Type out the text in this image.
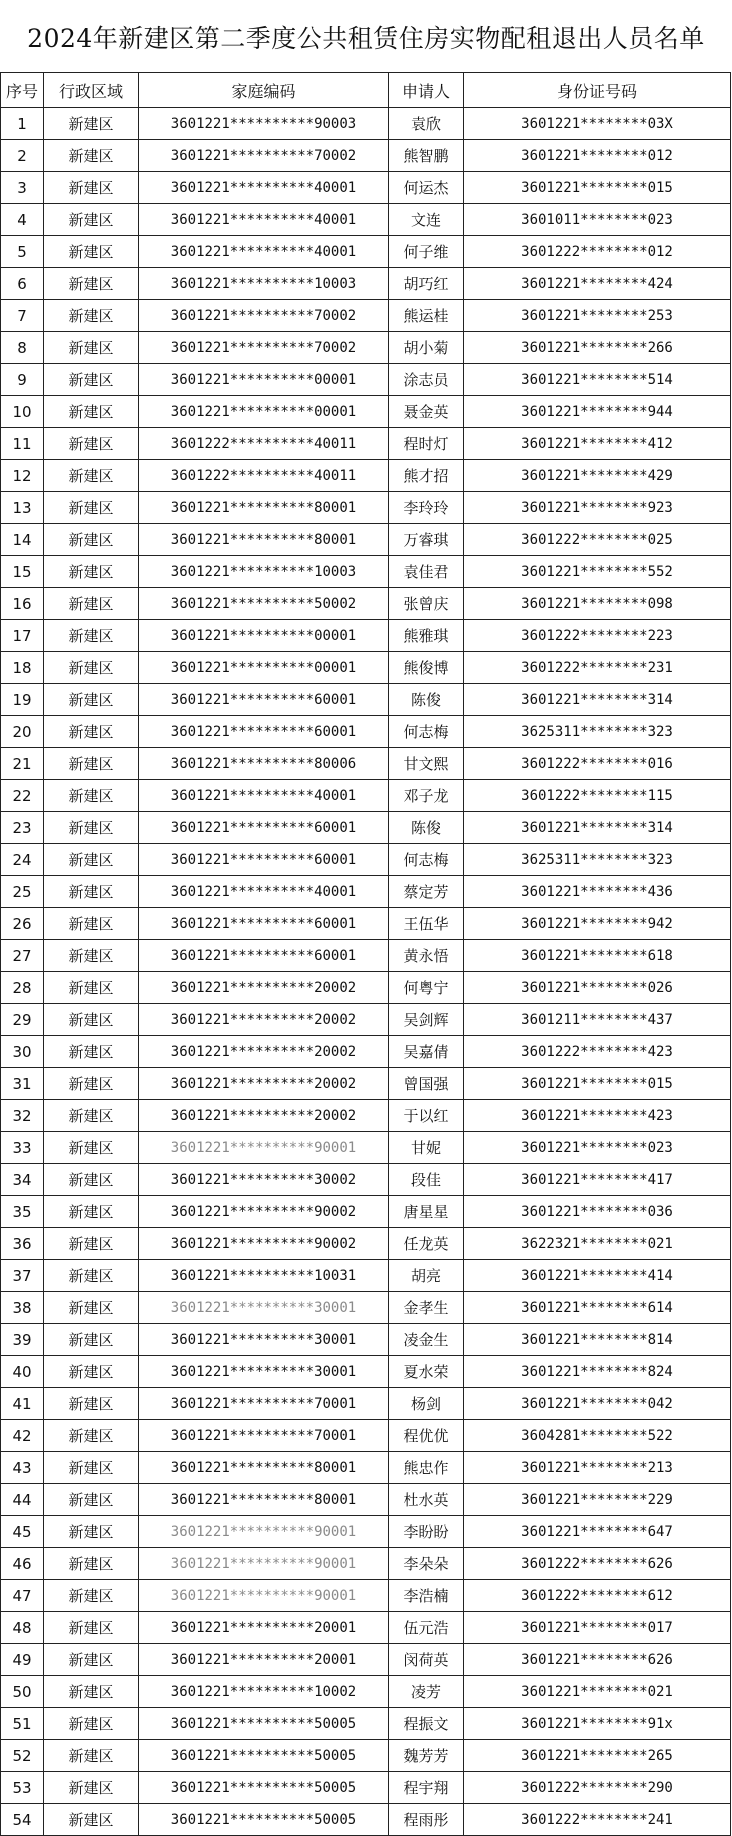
2024年新建区第二季度公共租赁住房实物配租退出人员名单
序号	行政区域	家庭编码	申请人	身份证号码
1	新建区	3601221**********90003	袁欣	3601221********03X
2	新建区	3601221**********70002	熊智鹏	3601221********012
3	新建区	3601221**********40001	何运杰	3601221********015
4	新建区	3601221**********40001	文连	3601011********023
5	新建区	3601221**********40001	何子维	3601222********012
6	新建区	3601221**********10003	胡巧红	3601221********424
7	新建区	3601221**********70002	熊运桂	3601221********253
8	新建区	3601221**********70002	胡小菊	3601221********266
9	新建区	3601221**********00001	涂志员	3601221********514
10	新建区	3601221**********00001	聂金英	3601221********944
11	新建区	3601222**********40011	程时灯	3601221********412
12	新建区	3601222**********40011	熊才招	3601221********429
13	新建区	3601221**********80001	李玲玲	3601221********923
14	新建区	3601221**********80001	万睿琪	3601222********025
15	新建区	3601221**********10003	袁佳君	3601221********552
16	新建区	3601221**********50002	张曾庆	3601221********098
17	新建区	3601221**********00001	熊雅琪	3601222********223
18	新建区	3601221**********00001	熊俊博	3601222********231
19	新建区	3601221**********60001	陈俊	3601221********314
20	新建区	3601221**********60001	何志梅	3625311********323
21	新建区	3601221**********80006	甘文熙	3601222********016
22	新建区	3601221**********40001	邓子龙	3601222********115
23	新建区	3601221**********60001	陈俊	3601221********314
24	新建区	3601221**********60001	何志梅	3625311********323
25	新建区	3601221**********40001	蔡定芳	3601221********436
26	新建区	3601221**********60001	王伍华	3601221********942
27	新建区	3601221**********60001	黄永悟	3601221********618
28	新建区	3601221**********20002	何粤宁	3601221********026
29	新建区	3601221**********20002	吴剑辉	3601211********437
30	新建区	3601221**********20002	吴嘉倩	3601222********423
31	新建区	3601221**********20002	曾国强	3601221********015
32	新建区	3601221**********20002	于以红	3601221********423
33	新建区	3601221**********90001	甘妮	3601221********023
34	新建区	3601221**********30002	段佳	3601221********417
35	新建区	3601221**********90002	唐星星	3601221********036
36	新建区	3601221**********90002	任龙英	3622321********021
37	新建区	3601221**********10031	胡亮	3601221********414
38	新建区	3601221**********30001	金孝生	3601221********614
39	新建区	3601221**********30001	凌金生	3601221********814
40	新建区	3601221**********30001	夏水荣	3601221********824
41	新建区	3601221**********70001	杨剑	3601221********042
42	新建区	3601221**********70001	程优优	3604281********522
43	新建区	3601221**********80001	熊忠作	3601221********213
44	新建区	3601221**********80001	杜水英	3601221********229
45	新建区	3601221**********90001	李盼盼	3601221********647
46	新建区	3601221**********90001	李朵朵	3601222********626
47	新建区	3601221**********90001	李浩楠	3601222********612
48	新建区	3601221**********20001	伍元浩	3601221********017
49	新建区	3601221**********20001	闵荷英	3601221********626
50	新建区	3601221**********10002	凌芳	3601221********021
51	新建区	3601221**********50005	程振文	3601221********91x
52	新建区	3601221**********50005	魏芳芳	3601221********265
53	新建区	3601221**********50005	程宇翔	3601222********290
54	新建区	3601221**********50005	程雨彤	3601222********241
